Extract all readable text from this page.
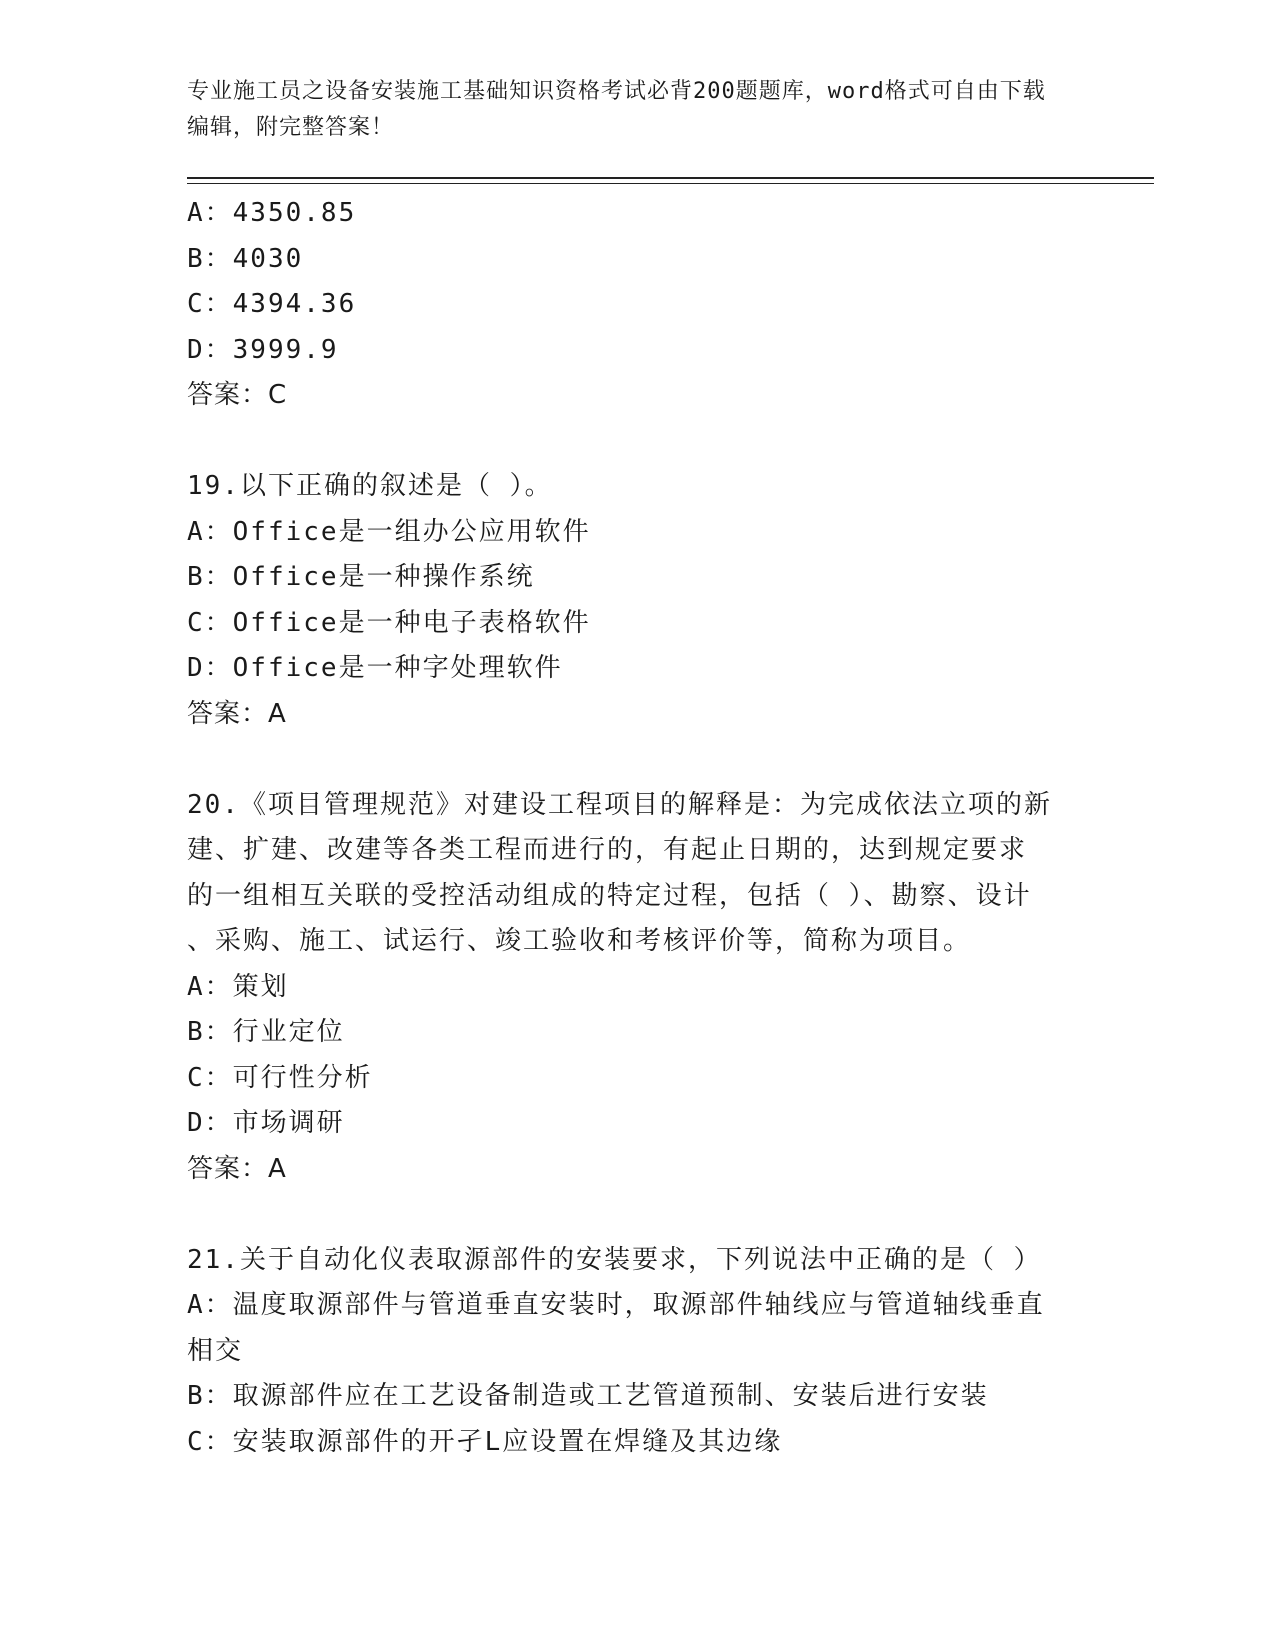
专业施工员之设备安装施工基础知识资格考试必背200题题库，word格式可自由下载编辑，附完整答案！

A：4350.85

B：4030

C：4394.36

D：3999.9

答案：C

19.以下正确的叙述是（ ）。

A：Office是一组办公应用软件

B：Office是一种操作系统

C：Office是一种电子表格软件

D：Office是一种字处理软件

答案：A

20.《项目管理规范》对建设工程项目的解释是：为完成依法立项的新

建、扩建、改建等各类工程而进行的，有起止日期的，达到规定要求

的一组相互关联的受控活动组成的特定过程，包括（ ）、勘察、设计

、采购、施工、试运行、竣工验收和考核评价等，简称为项目。

A：策划

B：行业定位

C：可行性分析

D：市场调研

答案：A

21.关于自动化仪表取源部件的安装要求，下列说法中正确的是（ ）

A：温度取源部件与管道垂直安装时，取源部件轴线应与管道轴线垂直

相交

B：取源部件应在工艺设备制造或工艺管道预制、安装后进行安装

C：安装取源部件的开孑L应设置在焊缝及其边缘
